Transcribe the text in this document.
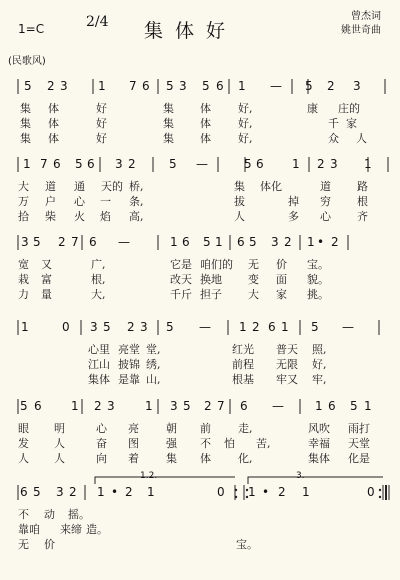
1=C	2/4 集体好
曾杰词
姚世奇曲
(民歌风)
5 2 3	1 7 6 5 3 5 6 1 — 5 2 3
集 体	好	集 体 好,	康 庄的
集 体	好	集 体 好,	千 家
集 体	好	集 体 好,	众 人
1 7 6 5 6 3 2	5 —	5 6 1 2 3 1
大 道 通 天的 桥,	集 体化	道 路
万 户 心 一 条,	拔	掉 穷 根
拾 柴 火 焰 高,	人	多 心 齐
3 5 2 7 6 —	1 6 5 1 6 5 3 2 1 • 2
宽 又	广,	它是 咱们的 无 价 宝。
栽 富	根,	改天 换地 变 面 貌。
力 量	大,	千斤 担子 大 家 挑。
1	0 3 5 2 3 5 — 1 2 6 1 5 —
心里 亮堂 堂,	红光 普天 照,
江山 披锦 绣,	前程 无限 好,
集体 是靠 山,	根基 牢又 牢,
5 6 1 2 3	1 3 5 2 7 6 —	1 6 5 1
眼 明	心 亮 朝 前 走,	风吹 雨打
发 人	奋 图 强 不 怕 苦,	幸福 天堂
人 人	向 着 集 体 化,	集体 化是
6 5 3 2 1 • 2 1	0 1 • 2 1	0
不 动 摇。
靠咱 来缔 造。
无 价	宝。
1.2.	3.
